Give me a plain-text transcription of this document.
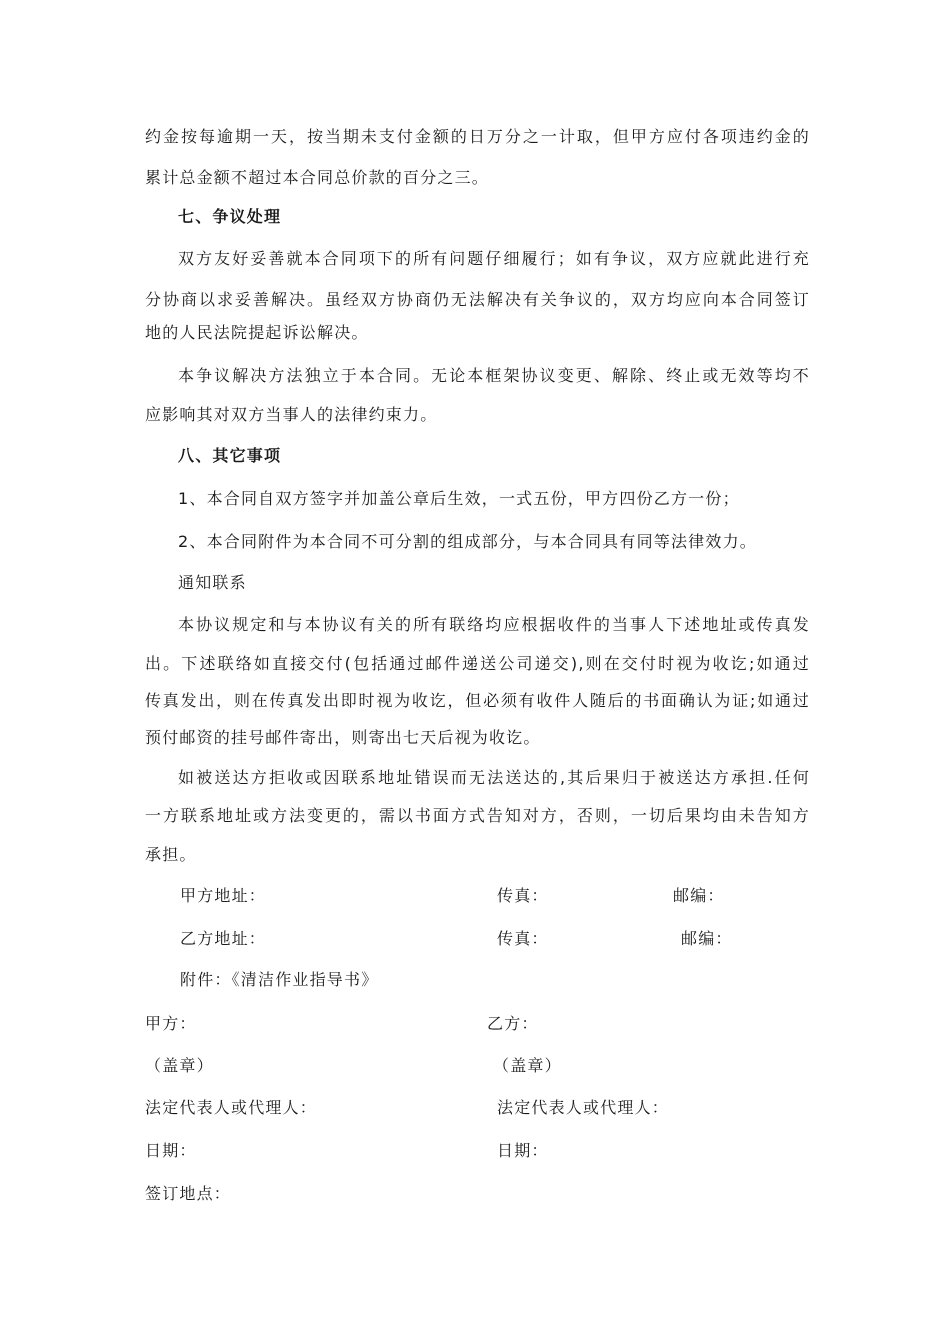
约金按每逾期一天，按当期未支付金额的日万分之一计取，但甲方应付各项违约金的
累计总金额不超过本合同总价款的百分之三。
七、争议处理
双方友好妥善就本合同项下的所有问题仔细履行；如有争议，双方应就此进行充
分协商以求妥善解决。虽经双方协商仍无法解决有关争议的，双方均应向本合同签订
地的人民法院提起诉讼解决。
本争议解决方法独立于本合同。无论本框架协议变更、解除、终止或无效等均不
应影响其对双方当事人的法律约束力。
八、其它事项
1、本合同自双方签字并加盖公章后生效，一式五份，甲方四份乙方一份；
2、本合同附件为本合同不可分割的组成部分，与本合同具有同等法律效力。
通知联系
本协议规定和与本协议有关的所有联络均应根据收件的当事人下述地址或传真发
出。下述联络如直接交付(包括通过邮件递送公司递交),则在交付时视为收讫;如通过
传真发出，则在传真发出即时视为收讫，但必须有收件人随后的书面确认为证;如通过
预付邮资的挂号邮件寄出，则寄出七天后视为收讫。
如被送达方拒收或因联系地址错误而无法送达的,其后果归于被送达方承担.任何
一方联系地址或方法变更的，需以书面方式告知对方，否则，一切后果均由未告知方
承担。
甲方地址：	传真：	邮编：
乙方地址：	传真：	邮编：
附件：《清洁作业指导书》
甲方：	乙方：
（盖章）	（盖章）
法定代表人或代理人：	法定代表人或代理人：
日期：	日期：
签订地点：
